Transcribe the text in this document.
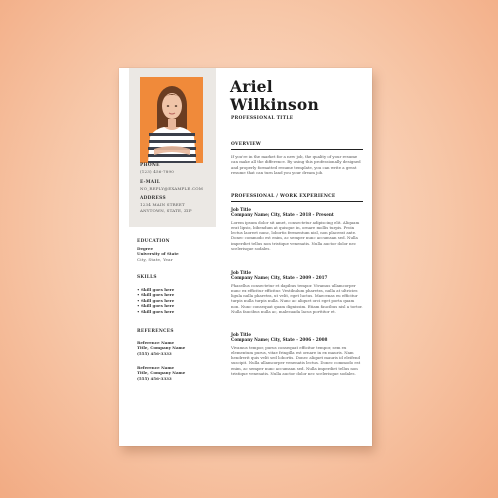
PHONE
(123) 456-7890
E-MAIL
NO_REPLY@EXAMPLE.COM
ADDRESS
1234 MAIN STREET
ANYTOWN, STATE, ZIP
Ariel
Wilkinson
PROFESSIONAL TITLE
OVERVIEW
If you're in the market for a new job, the quality of your resume can make all the difference. By using this professionally designed and properly formatted resume template, you can write a great resume that can turn land you your dream job.
PROFESSIONAL / WORK EXPERIENCE
Job Title
Company Name; City, State - 2018 - Present
Lorem ipsum dolor sit amet, consectetur adipiscing elit. Aliquam erat lipsis, bibendum at quisque in, ornare mollis turpis. Proin lectus laoreet nunc, lobortis fermentum nisl, non placerat ante. Donec commodo est enim, ac semper nunc accumsan sed. Nulla imperdiet tellus non tristique venenatis. Nulla auctor dolor nec scelerisque sodales.
Job Title
Company Name; City, State - 2009 - 2017
Phasellus consectetur et dapibus tempor. Vivamus ullamcorper nunc ex efficitur efficitur. Vestibulum pharetra, nulla at ultricies ligula nulla pharetra, ut velit, eget luctus. Maecenas eu efficitur turpis nulla turpis nulla. Nunc ac aliquet orci eget porta quam non. Nunc consequat quam dignissim. Etiam faucibus nisl a tortor. Nulla faucibus nulla ac, malesuada lacus porttitor et.
Job Title
Company Name; City, State - 2006 - 2008
Vivamus tempor, purus consequat efficitur tempor, sem ex elementum purus, vitae fringilla est ornare in ex mauris. Nam hendrerit quis velit sed lobortis. Donec aliquet mauris id eleifend suscipit. Nulla ullamcorper venenatis lectus. Donec commodo est enim, ac semper nunc accumsan sed. Nulla imperdiet tellus non tristique venenatis. Nulla auctor dolor nec scelerisque sodales.
EDUCATION
Degree
University of State
City, State, Year
SKILLS
• Skill goes here
• Skill goes here
• Skill goes here
• Skill goes here
• Skill goes here
REFERENCES
Reference Name
Title, Company Name
(555) 456-3333
Reference Name
Title, Company Name
(555) 456-3333
